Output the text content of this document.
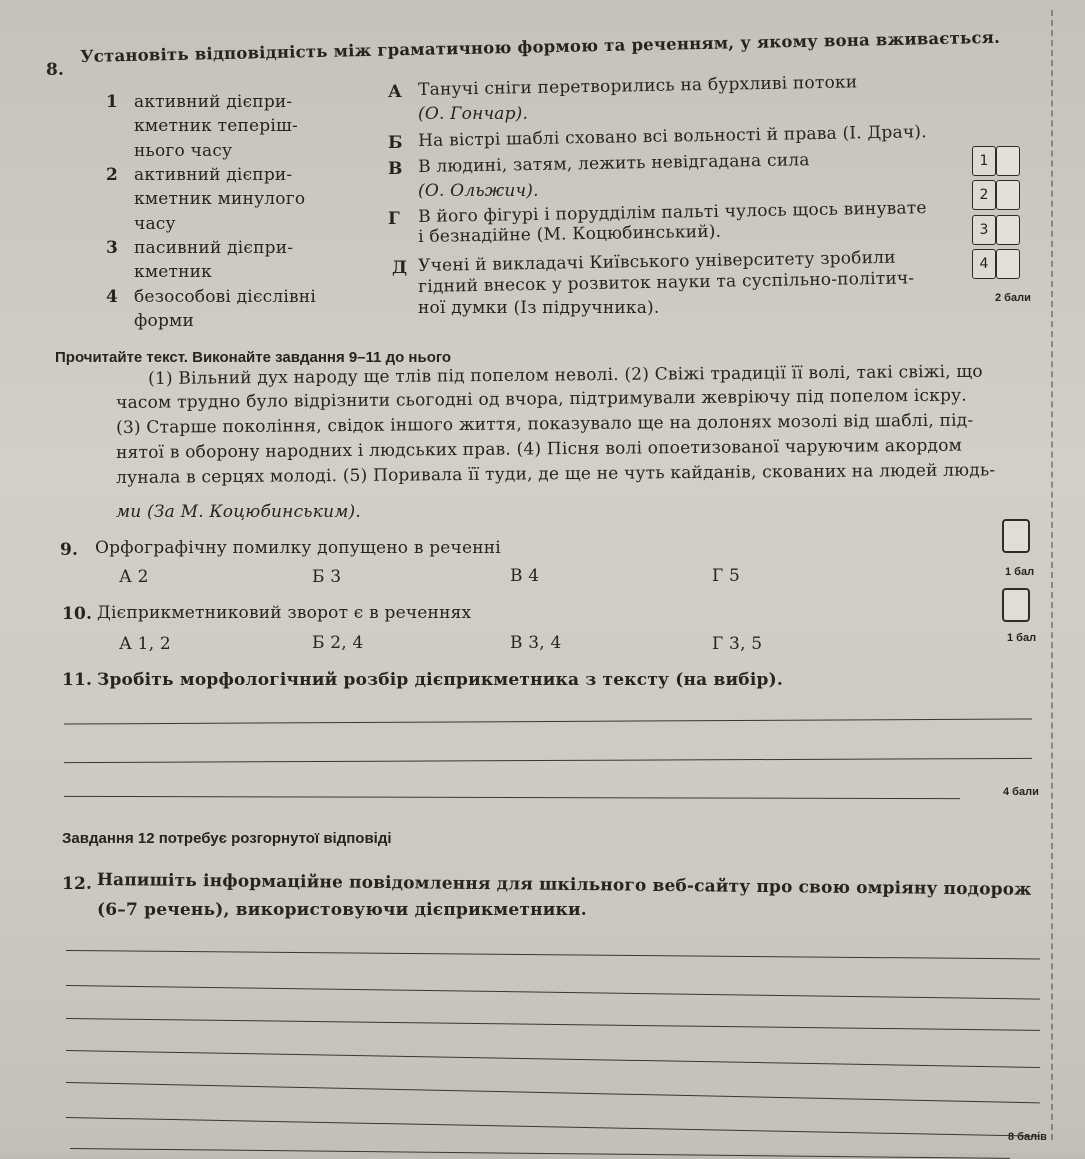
8.
Установіть відповідність між граматичною формою та реченням, у якому вона вживається.
1 активний дієпри-
кметник теперіш-
нього часу
2 активний дієпри-
кметник минулого
часу
3 пасивний дієпри-
кметник
4 безособові дієслівні
форми
А Танучі сніги перетворились на бурхливі потоки
(О. Гончар).
Б На вістрі шаблі сховано всі вольності й права (І. Драч).
В В людині, затям, лежить невідгадана сила
(О. Ольжич).
Г В його фігурі і порудділім пальті чулось щось винувате
і безнадійне (М. Коцюбинський).
Д Учені й викладачі Київського університету зробили
гідний внесок у розвиток науки та суспільно-політич-
ної думки (Із підручника).
1
2
3
4
2 бали
Прочитайте текст. Виконайте завдання 9–11 до нього
(1) Вільний дух народу ще тлів під попелом неволі. (2) Свіжі традиції її волі, такі свіжі, що
часом трудно було відрізнити сьогодні од вчора, підтримували жевріючу під попелом іскру.
(3) Старше покоління, свідок іншого життя, показувало ще на долонях мозолі від шаблі, під-
нятої в оборону народних і людських прав. (4) Пісня волі опоетизованої чаруючим акордом
лунала в серцях молоді. (5) Поривала її туди, де ще не чуть кайданів, скованих на людей людь-
ми (За М. Коцюбинським).
9. Орфографічну помилку допущено в реченні
А 2	Б 3	В 4	Г 5	1 бал
10. Дієприкметниковий зворот є в реченнях
А 1, 2	Б 2, 4	В 3, 4	Г 3, 5	1 бал
11. Зробіть морфологічний розбір дієприкметника з тексту (на вибір).
4 бали
Завдання 12 потребує розгорнутої відповіді
12. Напишіть інформаційне повідомлення для шкільного веб-сайту про свою омріяну подорож
(6–7 речень), використовуючи дієприкметники.
8 балів
